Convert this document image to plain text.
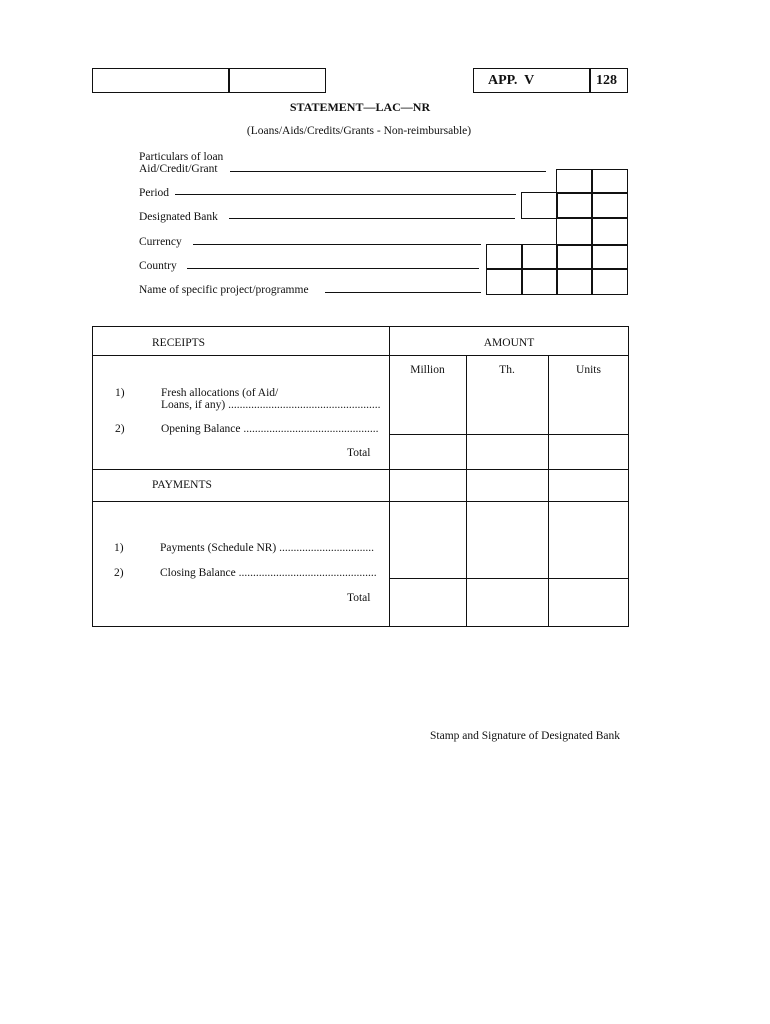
APP.  V	128
STATEMENT—LAC—NR
(Loans/Aids/Credits/Grants - Non-reimbursable)
Particulars of loan
Aid/Credit/Grant
Period
Designated Bank
Currency
Country
Name of specific project/programme
RECEIPTS	AMOUNT
Million	Th.	Units
1)	Fresh allocations (of Aid/
Loans, if any) .....................................................
2)	Opening Balance ...............................................
Total
PAYMENTS
1)	Payments (Schedule NR) .................................
2)	Closing Balance ................................................
Total
Stamp and Signature of Designated Bank
